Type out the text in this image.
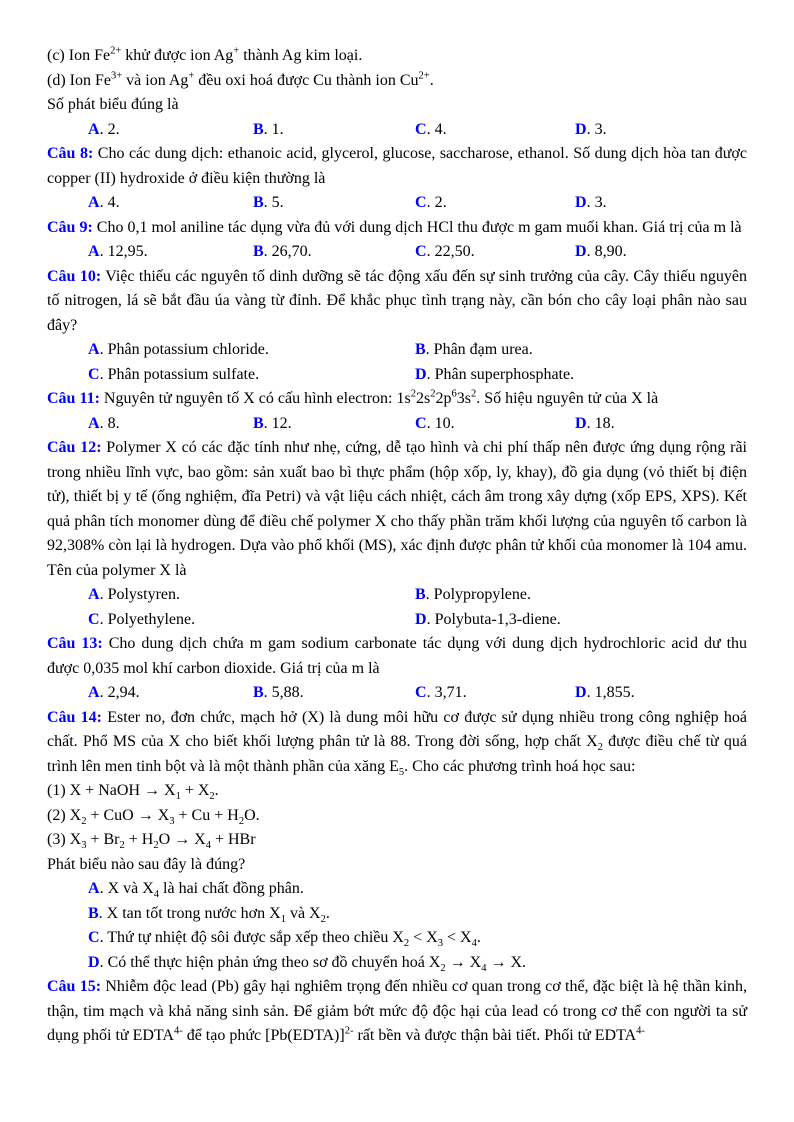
(c) Ion $Fe^{2+}$ khử được ion Ag+ thành Ag kim loại.
(d) Ion $Fe^{3+}$ và ion Ag+ đều oxi hoá được Cu thành ion $Cu^{2+}$.
Số phát biểu đúng là
A. 2.	B. 1.	C. 4.	D. 3.
Câu 8: Cho các dung dịch: ethanoic acid, glycerol, glucose, saccharose, ethanol. Số dung dịch hòa tan được copper (II) hydroxide ở điều kiện thường là
A. 4.	B. 5.	C. 2.	D. 3.
Câu 9: Cho 0,1 mol aniline tác dụng vừa đủ với dung dịch HCl thu được m gam muối khan. Giá trị của m là
A. 12,95.	B. 26,70.	C. 22,50.	D. 8,90.
Câu 10: Việc thiếu các nguyên tố dinh dưỡng sẽ tác động xấu đến sự sinh trưởng của cây. Cây thiếu nguyên tố nitrogen, lá sẽ bắt đầu úa vàng từ đỉnh. Để khắc phục tình trạng này, cần bón cho cây loại phân nào sau đây?
A. Phân potassium chloride.	B. Phân đạm urea.
C. Phân potassium sulfate.	D. Phân superphosphate.
Câu 11: Nguyên tử nguyên tố X có cấu hình electron: $1s^22s^22p^63s^2$. Số hiệu nguyên tử của X là
A. 8.	B. 12.	C. 10.	D. 18.
Câu 12: Polymer X có các đặc tính như nhẹ, cứng, dễ tạo hình và chi phí thấp nên được ứng dụng rộng rãi trong nhiều lĩnh vực, bao gồm: sản xuất bao bì thực phẩm (hộp xốp, ly, khay), đồ gia dụng (vỏ thiết bị điện tử), thiết bị y tế (ống nghiệm, đĩa Petri) và vật liệu cách nhiệt, cách âm trong xây dựng (xốp EPS, XPS). Kết quả phân tích monomer dùng để điều chế polymer X cho thấy phần trăm khối lượng của nguyên tố carbon là 92,308% còn lại là hydrogen. Dựa vào phổ khối (MS), xác định được phân tử khối của monomer là 104 amu. Tên của polymer X là
A. Polystyren.	B. Polypropylene.
C. Polyethylene.	D. Polybuta-1,3-diene.
Câu 13: Cho dung dịch chứa m gam sodium carbonate tác dụng với dung dịch hydrochloric acid dư thu được 0,035 mol khí carbon dioxide. Giá trị của m là
A. 2,94.	B. 5,88.	C. 3,71.	D. 1,855.
Câu 14: Ester no, đơn chức, mạch hở (X) là dung môi hữu cơ được sử dụng nhiều trong công nghiệp hoá chất. Phổ MS của X cho biết khối lượng phân tử là 88. Trong đời sống, hợp chất $X_2$ được điều chế từ quá trình lên men tinh bột và là một thành phần của xăng $E_5$. Cho các phương trình hoá học sau:
(1) X + NaOH → $X_1 + X_2$.
(2) $X_2$ + CuO → $X_3 + Cu + H_2O$.
(3) $X_3 + Br_2 + H_2O \to X_4$ + HBr
Phát biểu nào sau đây là đúng?
A. X và $X_4$ là hai chất đồng phân.
B. X tan tốt trong nước hơn $X_1$ và $X_2$.
C. Thứ tự nhiệt độ sôi được sắp xếp theo chiều $X_2 < X_3 < X_4$.
D. Có thể thực hiện phản ứng theo sơ đồ chuyển hoá $X_2 \to X_4 \to X$.
Câu 15: Nhiễm độc lead (Pb) gây hại nghiêm trọng đến nhiều cơ quan trong cơ thể, đặc biệt là hệ thần kinh, thận, tim mạch và khả năng sinh sản. Để giảm bớt mức độ độc hại của lead có trong cơ thể con người ta sử dụng phối tử $EDTA^{4-}$ để tạo phức [Pb(EDTA)]$^{2-}$ rất bền và được thận bài tiết. Phối tử $EDTA^{4-}$
